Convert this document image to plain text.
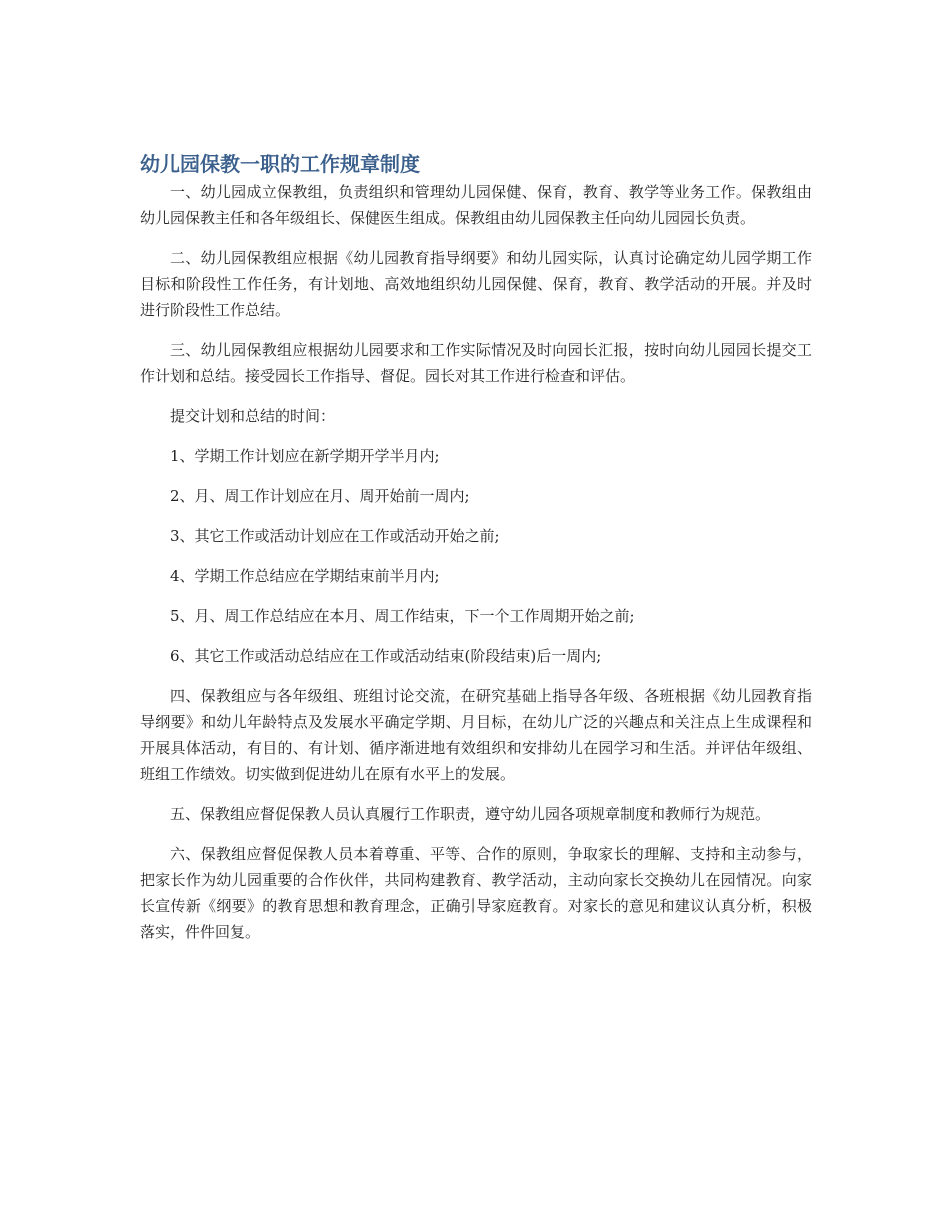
幼儿园保教一职的工作规章制度

一、幼儿园成立保教组，负责组织和管理幼儿园保健、保育，教育、教学等业务工作。保教组由幼儿园保教主任和各年级组长、保健医生组成。保教组由幼儿园保教主任向幼儿园园长负责。

二、幼儿园保教组应根据《幼儿园教育指导纲要》和幼儿园实际，认真讨论确定幼儿园学期工作目标和阶段性工作任务，有计划地、高效地组织幼儿园保健、保育，教育、教学活动的开展。并及时进行阶段性工作总结。

三、幼儿园保教组应根据幼儿园要求和工作实际情况及时向园长汇报，按时向幼儿园园长提交工作计划和总结。接受园长工作指导、督促。园长对其工作进行检查和评估。

提交计划和总结的时间：

1、学期工作计划应在新学期开学半月内;

2、月、周工作计划应在月、周开始前一周内;

3、其它工作或活动计划应在工作或活动开始之前;

4、学期工作总结应在学期结束前半月内;

5、月、周工作总结应在本月、周工作结束，下一个工作周期开始之前;

6、其它工作或活动总结应在工作或活动结束(阶段结束)后一周内;

四、保教组应与各年级组、班组讨论交流，在研究基础上指导各年级、各班根据《幼儿园教育指导纲要》和幼儿年龄特点及发展水平确定学期、月目标，在幼儿广泛的兴趣点和关注点上生成课程和开展具体活动，有目的、有计划、循序渐进地有效组织和安排幼儿在园学习和生活。并评估年级组、班组工作绩效。切实做到促进幼儿在原有水平上的发展。

五、保教组应督促保教人员认真履行工作职责，遵守幼儿园各项规章制度和教师行为规范。

六、保教组应督促保教人员本着尊重、平等、合作的原则，争取家长的理解、支持和主动参与，把家长作为幼儿园重要的合作伙伴，共同构建教育、教学活动，主动向家长交换幼儿在园情况。向家长宣传新《纲要》的教育思想和教育理念，正确引导家庭教育。对家长的意见和建议认真分析，积极落实，件件回复。
